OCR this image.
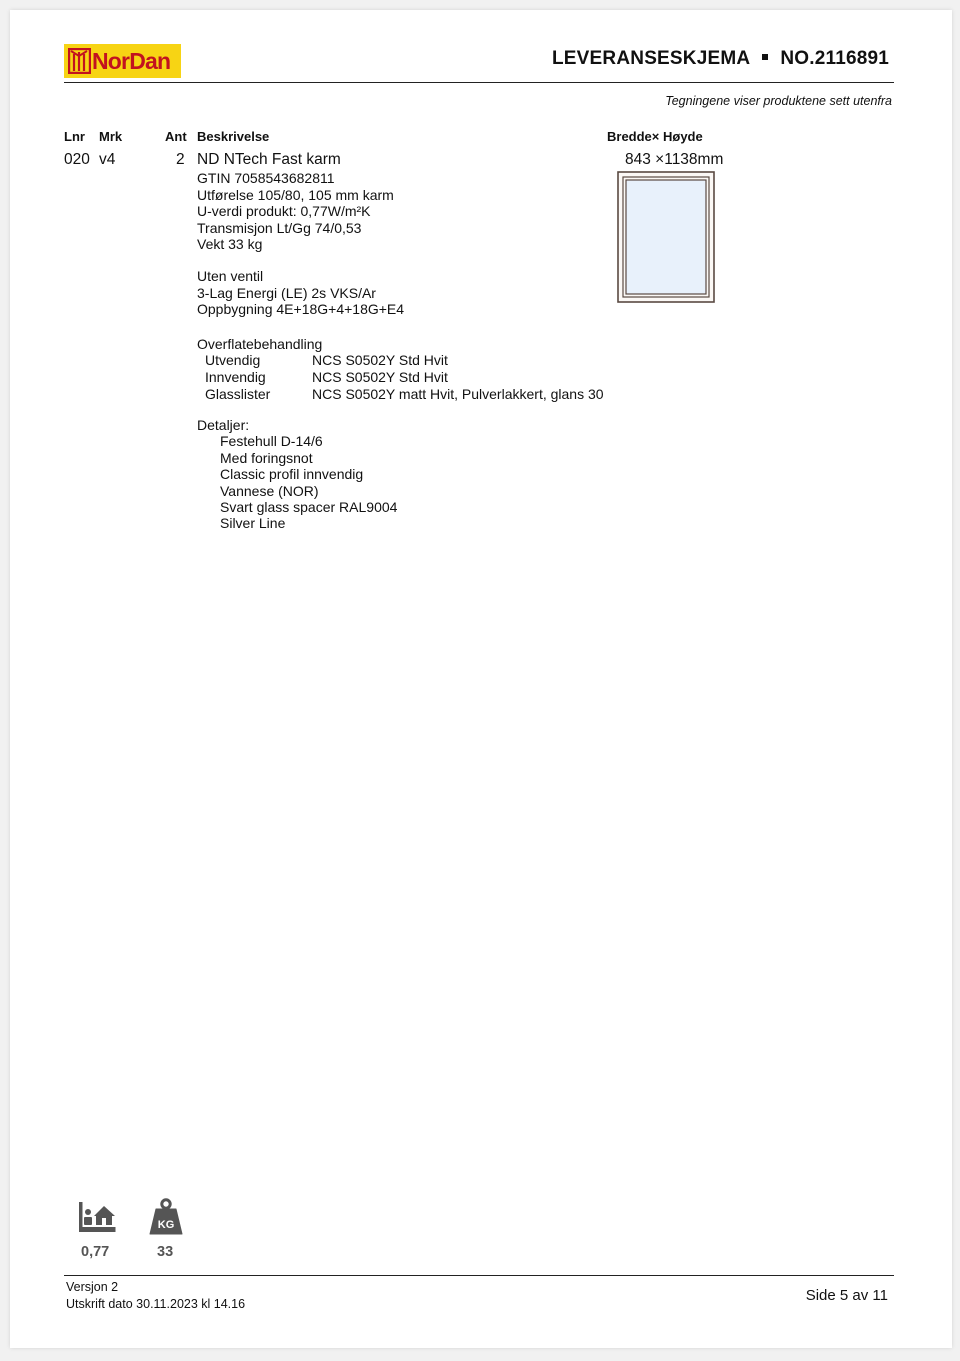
NorDan	LEVERANSESKJEMA NO.2116891
Tegningene viser produktene sett utenfra
Lnr Mrk	Ant Beskrivelse	Bredde× Høyde
020 v4	2 ND NTech Fast karm	843 ×1138mm
GTIN 7058543682811
Utførelse 105/80, 105 mm karm
U-verdi produkt: 0,77W/m²K
Transmisjon Lt/Gg 74/0,53
Vekt 33 kg
Uten ventil
3-Lag Energi (LE) 2s VKS/Ar
Oppbygning 4E+18G+4+18G+E4
Overflatebehandling
Utvendig	NCS S0502Y Std Hvit
Innvendig	NCS S0502Y Std Hvit
Glasslister	NCS S0502Y matt Hvit, Pulverlakkert, glans 30
Detaljer:
Festehull D-14/6
Med foringsnot
Classic profil innvendig
Vannese (NOR)
Svart glass spacer RAL9004
Silver Line
KG
0,77	33
Versjon 2
Utskrift dato 30.11.2023 kl 14.16	Side 5 av 11
